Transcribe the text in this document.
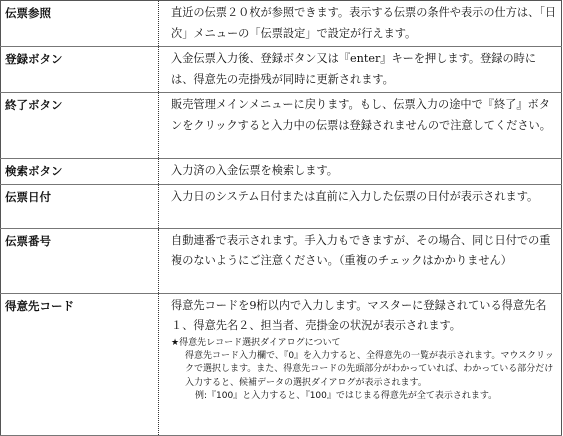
伝票参照	直近の伝票２０枚が参照できます。表示する伝票の条件や表示の仕方は、「日次」メニューの「伝票設定」で設定が行えます。
登録ボタン	入金伝票入力後、登録ボタン又は『enter』キーを押します。登録の時には、得意先の売掛残が同時に更新されます。
終了ボタン	販売管理メインメニューに戻ります。もし、伝票入力の途中で『終了』ボタンをクリックすると入力中の伝票は登録されませんので注意してください。
検索ボタン	入力済の入金伝票を検索します。
伝票日付	入力日のシステム日付または直前に入力した伝票の日付が表示されます。
伝票番号	自動連番で表示されます。手入力もできますが、その場合、同じ日付での重複のないようにご注意ください。（重複のチェックはかかりません）
得意先コード	得意先コードを9桁以内で入力します。マスターに登録されている得意先名１、得意先名２、担当者、売掛金の状況が表示されます。
★得意先レコード選択ダイアログについて
得意先コード入力欄で、『0』を入力すると、全得意先の一覧が表示されます。マウスクリックで選択します。また、得意先コードの先頭部分がわかっていれば、わかっている部分だけ入力すると、候補データの選択ダイアログが表示されます。
例:『100』と入力すると、『100』ではじまる得意先が全て表示されます。
